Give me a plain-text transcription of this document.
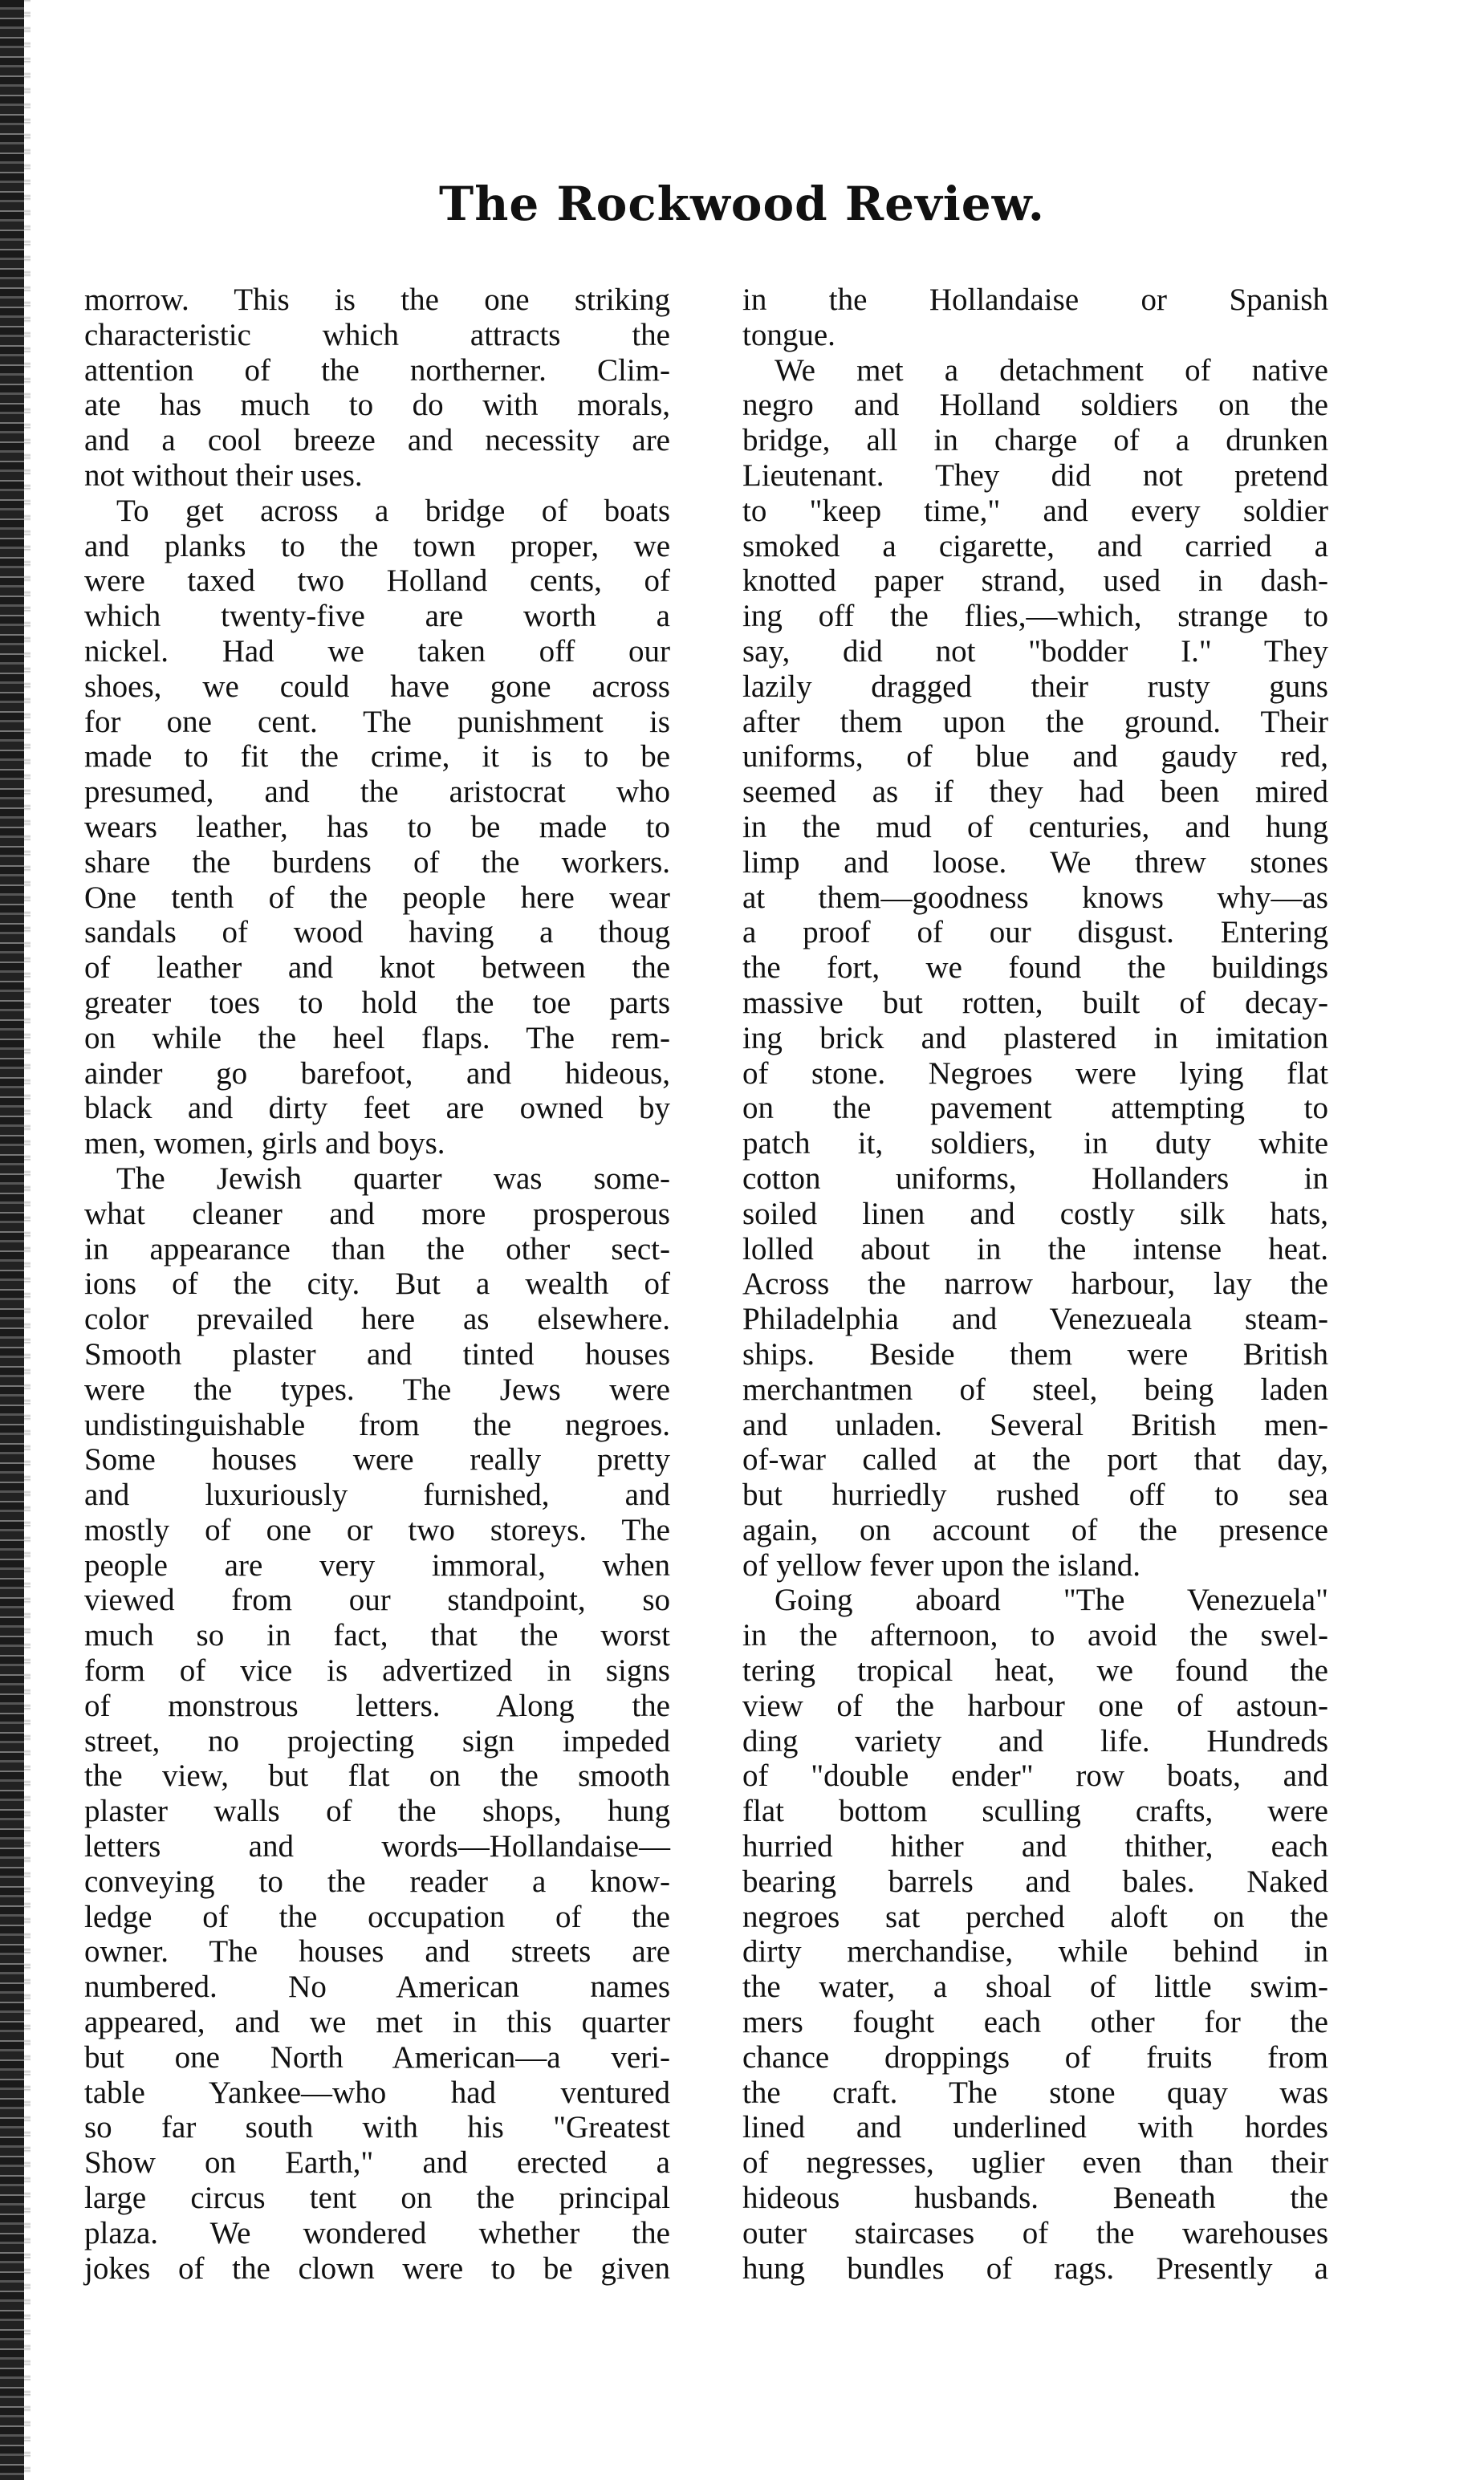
The Rockwood Review.
morrow. This is the one striking
characteristic which attracts the
attention of the northerner. Clim-
ate has much to do with morals,
and a cool breeze and necessity are
not without their uses.
To get across a bridge of boats
and planks to the town proper, we
were taxed two Holland cents, of
which twenty-five are worth a
nickel. Had we taken off our
shoes, we could have gone across
for one cent. The punishment is
made to fit the crime, it is to be
presumed, and the aristocrat who
wears leather, has to be made to
share the burdens of the workers.
One tenth of the people here wear
sandals of wood having a thoug
of leather and knot between the
greater toes to hold the toe parts
on while the heel flaps. The rem-
ainder go barefoot, and hideous,
black and dirty feet are owned by
men, women, girls and boys.
The Jewish quarter was some-
what cleaner and more prosperous
in appearance than the other sect-
ions of the city. But a wealth of
color prevailed here as elsewhere.
Smooth plaster and tinted houses
were the types. The Jews were
undistinguishable from the negroes.
Some houses were really pretty
and luxuriously furnished, and
mostly of one or two storeys. The
people are very immoral, when
viewed from our standpoint, so
much so in fact, that the worst
form of vice is advertized in signs
of monstrous letters. Along the
street, no projecting sign impeded
the view, but flat on the smooth
plaster walls of the shops, hung
letters and words—Hollandaise—
conveying to the reader a know-
ledge of the occupation of the
owner. The houses and streets are
numbered. No American names
appeared, and we met in this quarter
but one North American—a veri-
table Yankee—who had ventured
so far south with his "Greatest
Show on Earth," and erected a
large circus tent on the principal
plaza. We wondered whether the
jokes of the clown were to be given
in the Hollandaise or Spanish
tongue.
We met a detachment of native
negro and Holland soldiers on the
bridge, all in charge of a drunken
Lieutenant. They did not pretend
to "keep time," and every soldier
smoked a cigarette, and carried a
knotted paper strand, used in dash-
ing off the flies,—which, strange to
say, did not "bodder I." They
lazily dragged their rusty guns
after them upon the ground. Their
uniforms, of blue and gaudy red,
seemed as if they had been mired
in the mud of centuries, and hung
limp and loose. We threw stones
at them—goodness knows why—as
a proof of our disgust. Entering
the fort, we found the buildings
massive but rotten, built of decay-
ing brick and plastered in imitation
of stone. Negroes were lying flat
on the pavement attempting to
patch it, soldiers, in duty white
cotton uniforms, Hollanders in
soiled linen and costly silk hats,
lolled about in the intense heat.
Across the narrow harbour, lay the
Philadelphia and Venezueala steam-
ships. Beside them were British
merchantmen of steel, being laden
and unladen. Several British men-
of-war called at the port that day,
but hurriedly rushed off to sea
again, on account of the presence
of yellow fever upon the island.
Going aboard "The Venezuela"
in the afternoon, to avoid the swel-
tering tropical heat, we found the
view of the harbour one of astoun-
ding variety and life. Hundreds
of "double ender" row boats, and
flat bottom sculling crafts, were
hurried hither and thither, each
bearing barrels and bales. Naked
negroes sat perched aloft on the
dirty merchandise, while behind in
the water, a shoal of little swim-
mers fought each other for the
chance droppings of fruits from
the craft. The stone quay was
lined and underlined with hordes
of negresses, uglier even than their
hideous husbands. Beneath the
outer staircases of the warehouses
hung bundles of rags. Presently a
